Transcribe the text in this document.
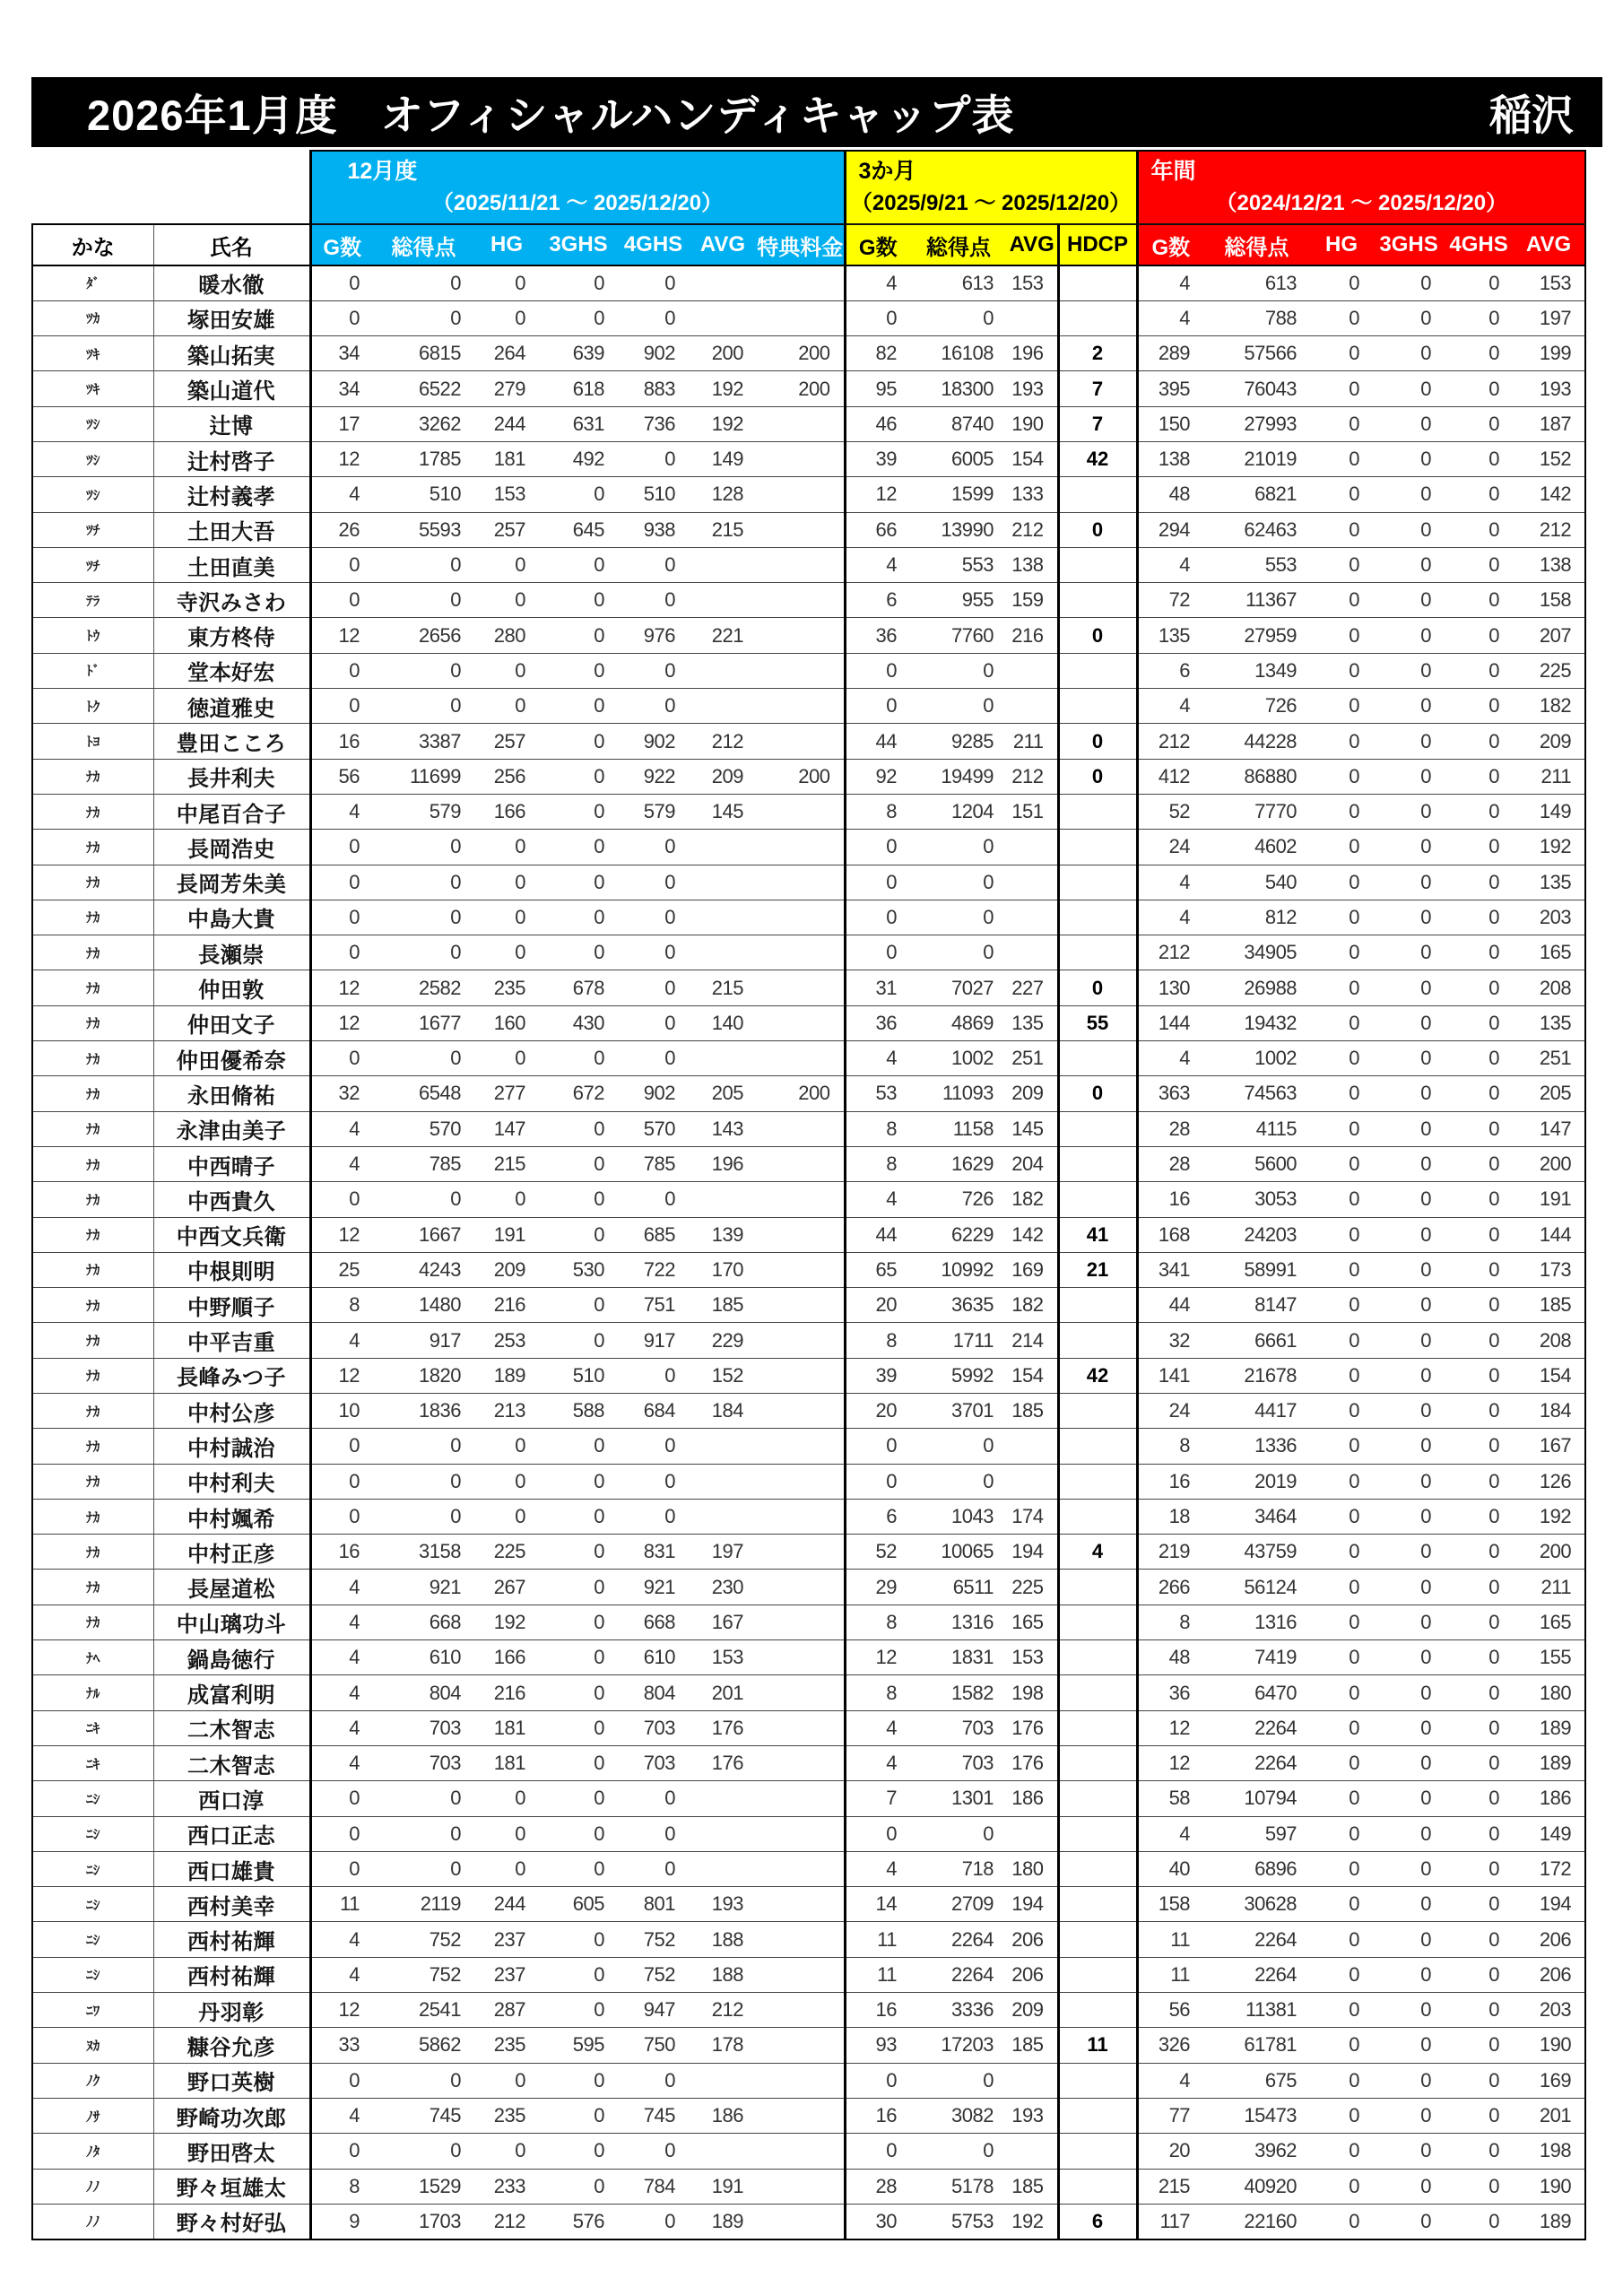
2026年1月度　オフィシャルハンディキャップ表	稲沢

12月度
（2025/11/21 ～ 2025/12/20）

3か月
（2025/9/21 ～ 2025/12/20）

年間
（2024/12/21 ～ 2025/12/20）

かな	氏名	G数	総得点	HG	3GHS	4GHS	AVG	特典料金	G数	総得点	AVG	HDCP	G数	総得点	HG	3GHS	4GHS	AVG
ﾀﾞ	暖水徹	0	0	0	0	0			4	613	153		4	613	0	0	0	153
ﾂｶ	塚田安雄	0	0	0	0	0			0	0			4	788	0	0	0	197
ﾂｷ	築山拓実	34	6815	264	639	902	200	200	82	16108	196	2	289	57566	0	0	0	199
ﾂｷ	築山道代	34	6522	279	618	883	192	200	95	18300	193	7	395	76043	0	0	0	193
ﾂｼ	辻博	17	3262	244	631	736	192		46	8740	190	7	150	27993	0	0	0	187
ﾂｼ	辻村啓子	12	1785	181	492	0	149		39	6005	154	42	138	21019	0	0	0	152
ﾂｼ	辻村義孝	4	510	153	0	510	128		12	1599	133		48	6821	0	0	0	142
ﾂﾁ	土田大吾	26	5593	257	645	938	215		66	13990	212	0	294	62463	0	0	0	212
ﾂﾁ	土田直美	0	0	0	0	0			4	553	138		4	553	0	0	0	138
ﾃﾗ	寺沢みさわ	0	0	0	0	0			6	955	159		72	11367	0	0	0	158
ﾄｳ	東方柊侍	12	2656	280	0	976	221		36	7760	216	0	135	27959	0	0	0	207
ﾄﾞ	堂本好宏	0	0	0	0	0			0	0			6	1349	0	0	0	225
ﾄｸ	徳道雅史	0	0	0	0	0			0	0			4	726	0	0	0	182
ﾄﾖ	豊田こころ	16	3387	257	0	902	212		44	9285	211	0	212	44228	0	0	0	209
ﾅｶ	長井利夫	56	11699	256	0	922	209	200	92	19499	212	0	412	86880	0	0	0	211
ﾅｶ	中尾百合子	4	579	166	0	579	145		8	1204	151		52	7770	0	0	0	149
ﾅｶ	長岡浩史	0	0	0	0	0			0	0			24	4602	0	0	0	192
ﾅｶ	長岡芳朱美	0	0	0	0	0			0	0			4	540	0	0	0	135
ﾅｶ	中島大貴	0	0	0	0	0			0	0			4	812	0	0	0	203
ﾅｶ	長瀬崇	0	0	0	0	0			0	0			212	34905	0	0	0	165
ﾅｶ	仲田敦	12	2582	235	678	0	215		31	7027	227	0	130	26988	0	0	0	208
ﾅｶ	仲田文子	12	1677	160	430	0	140		36	4869	135	55	144	19432	0	0	0	135
ﾅｶ	仲田優希奈	0	0	0	0	0			4	1002	251		4	1002	0	0	0	251
ﾅｶ	永田脩祐	32	6548	277	672	902	205	200	53	11093	209	0	363	74563	0	0	0	205
ﾅｶ	永津由美子	4	570	147	0	570	143		8	1158	145		28	4115	0	0	0	147
ﾅｶ	中西晴子	4	785	215	0	785	196		8	1629	204		28	5600	0	0	0	200
ﾅｶ	中西貴久	0	0	0	0	0			4	726	182		16	3053	0	0	0	191
ﾅｶ	中西文兵衛	12	1667	191	0	685	139		44	6229	142	41	168	24203	0	0	0	144
ﾅｶ	中根則明	25	4243	209	530	722	170		65	10992	169	21	341	58991	0	0	0	173
ﾅｶ	中野順子	8	1480	216	0	751	185		20	3635	182		44	8147	0	0	0	185
ﾅｶ	中平吉重	4	917	253	0	917	229		8	1711	214		32	6661	0	0	0	208
ﾅｶ	長峰みつ子	12	1820	189	510	0	152		39	5992	154	42	141	21678	0	0	0	154
ﾅｶ	中村公彦	10	1836	213	588	684	184		20	3701	185		24	4417	0	0	0	184
ﾅｶ	中村誠治	0	0	0	0	0			0	0			8	1336	0	0	0	167
ﾅｶ	中村利夫	0	0	0	0	0			0	0			16	2019	0	0	0	126
ﾅｶ	中村颯希	0	0	0	0	0			6	1043	174		18	3464	0	0	0	192
ﾅｶ	中村正彦	16	3158	225	0	831	197		52	10065	194	4	219	43759	0	0	0	200
ﾅｶ	長屋道松	4	921	267	0	921	230		29	6511	225		266	56124	0	0	0	211
ﾅｶ	中山璃功斗	4	668	192	0	668	167		8	1316	165		8	1316	0	0	0	165
ﾅﾍ	鍋島徳行	4	610	166	0	610	153		12	1831	153		48	7419	0	0	0	155
ﾅﾙ	成富利明	4	804	216	0	804	201		8	1582	198		36	6470	0	0	0	180
ﾆｷ	二木智志	4	703	181	0	703	176		4	703	176		12	2264	0	0	0	189
ﾆｷ	二木智志	4	703	181	0	703	176		4	703	176		12	2264	0	0	0	189
ﾆｼ	西口淳	0	0	0	0	0			7	1301	186		58	10794	0	0	0	186
ﾆｼ	西口正志	0	0	0	0	0			0	0			4	597	0	0	0	149
ﾆｼ	西口雄貴	0	0	0	0	0			4	718	180		40	6896	0	0	0	172
ﾆｼ	西村美幸	11	2119	244	605	801	193		14	2709	194		158	30628	0	0	0	194
ﾆｼ	西村祐輝	4	752	237	0	752	188		11	2264	206		11	2264	0	0	0	206
ﾆｼ	西村祐輝	4	752	237	0	752	188		11	2264	206		11	2264	0	0	0	206
ﾆﾜ	丹羽彰	12	2541	287	0	947	212		16	3336	209		56	11381	0	0	0	203
ﾇｶ	糠谷允彦	33	5862	235	595	750	178		93	17203	185	11	326	61781	0	0	0	190
ﾉｸ	野口英樹	0	0	0	0	0			0	0			4	675	0	0	0	169
ﾉｻ	野崎功次郎	4	745	235	0	745	186		16	3082	193		77	15473	0	0	0	201
ﾉﾀ	野田啓太	0	0	0	0	0			0	0			20	3962	0	0	0	198
ﾉﾉ	野々垣雄太	8	1529	233	0	784	191		28	5178	185		215	40920	0	0	0	190
ﾉﾉ	野々村好弘	9	1703	212	576	0	189		30	5753	192	6	117	22160	0	0	0	189
